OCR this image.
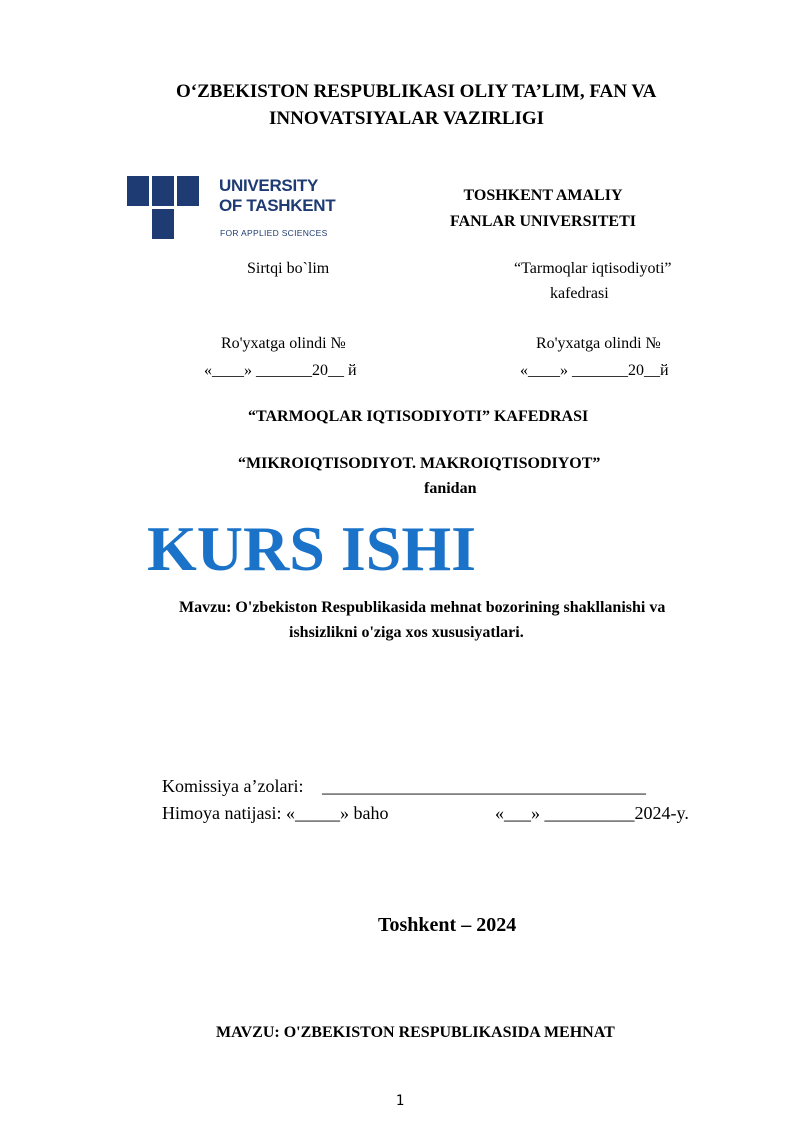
O‘ZBEKISTON RESPUBLIKASI OLIY TA’LIM, FAN VA
INNOVATSIYALAR VAZIRLIGI
UNIVERSITY
OF TASHKENT
FOR APPLIED SCIENCES
TOSHKENT AMALIY
FANLAR UNIVERSITETI
Sirtqi bo`lim	“Tarmoqlar iqtisodiyoti”
kafedrasi
Ro'yxatga olindi №	Ro'yxatga olindi №
«____» _______20__ й	«____» _______20__й
“TARMOQLAR IQTISODIYOTI” KAFEDRASI
“MIKROIQTISODIYOT. MAKROIQTISODIYOT”
fanidan
KURS ISHI
Mavzu: O'zbekiston Respublikasida mehnat bozorining shakllanishi va
ishsizlikni o'ziga xos xususiyatlari.
Komissiya a’zolari: ____________________________________
Himoya natijasi: «_____» baho	«___» __________2024-y.
Toshkent – 2024
MAVZU: O'ZBEKISTON RESPUBLIKASIDA MEHNAT
1
